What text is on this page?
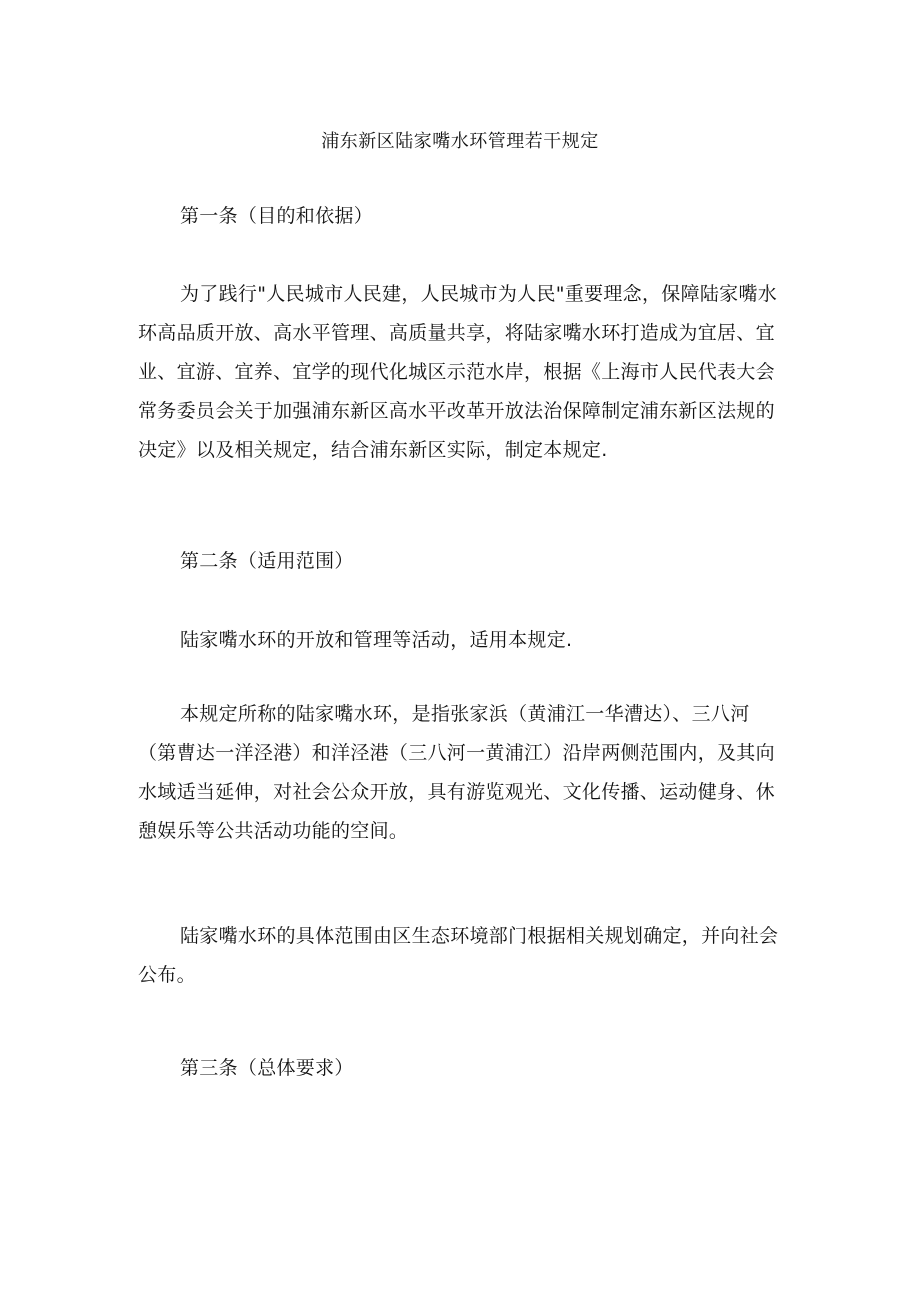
浦东新区陆家嘴水环管理若干规定

第一条（目的和依据）

为了践行"人民城市人民建，人民城市为人民"重要理念，保障陆家嘴水环高品质开放、高水平管理、高质量共享，将陆家嘴水环打造成为宜居、宜业、宜游、宜养、宜学的现代化城区示范水岸，根据《上海市人民代表大会常务委员会关于加强浦东新区高水平改革开放法治保障制定浦东新区法规的决定》以及相关规定，结合浦东新区实际，制定本规定.

第二条（适用范围）

陆家嘴水环的开放和管理等活动，适用本规定.

本规定所称的陆家嘴水环，是指张家浜（黄浦江一华漕达）、三八河（第曹达一洋泾港）和洋泾港（三八河一黄浦江）沿岸两侧范围内，及其向水域适当延伸，对社会公众开放，具有游览观光、文化传播、运动健身、休憩娱乐等公共活动功能的空间。

陆家嘴水环的具体范围由区生态环境部门根据相关规划确定，并向社会公布。

第三条（总体要求）
